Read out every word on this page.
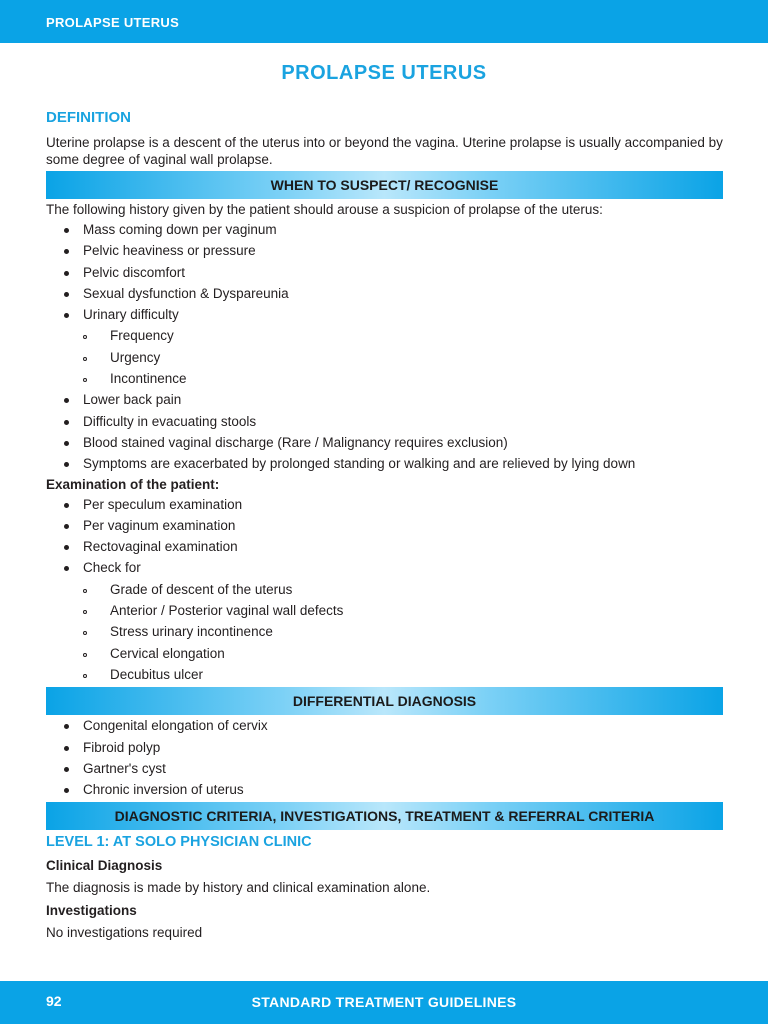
PROLAPSE UTERUS
PROLAPSE UTERUS

DEFINITION

Uterine prolapse is a descent of the uterus into or beyond the vagina. Uterine prolapse is usually accompanied by some degree of vaginal wall prolapse.

WHEN TO SUSPECT/ RECOGNISE

The following history given by the patient should arouse a suspicion of prolapse of the uterus:

Mass coming down per vaginum
Pelvic heaviness or pressure
Pelvic discomfort
Sexual dysfunction & Dyspareunia
Urinary difficulty
Frequency
Urgency
Incontinence
Lower back pain
Difficulty in evacuating stools
Blood stained vaginal discharge (Rare / Malignancy requires exclusion)
Symptoms are exacerbated by prolonged standing or walking and are relieved by lying down

Examination of the patient:

Per speculum examination
Per vaginum examination
Rectovaginal examination
Check for
Grade of descent of the uterus
Anterior / Posterior vaginal wall defects
Stress urinary incontinence
Cervical elongation
Decubitus ulcer
DIFFERENTIAL DIAGNOSIS
Congenital elongation of cervix
Fibroid polyp
Gartner's cyst
Chronic inversion of uterus
DIAGNOSTIC CRITERIA, INVESTIGATIONS, TREATMENT & REFERRAL CRITERIA

LEVEL 1: AT SOLO PHYSICIAN CLINIC

Clinical Diagnosis

The diagnosis is made by history and clinical examination alone.

Investigations

No investigations required

92	STANDARD TREATMENT GUIDELINES
